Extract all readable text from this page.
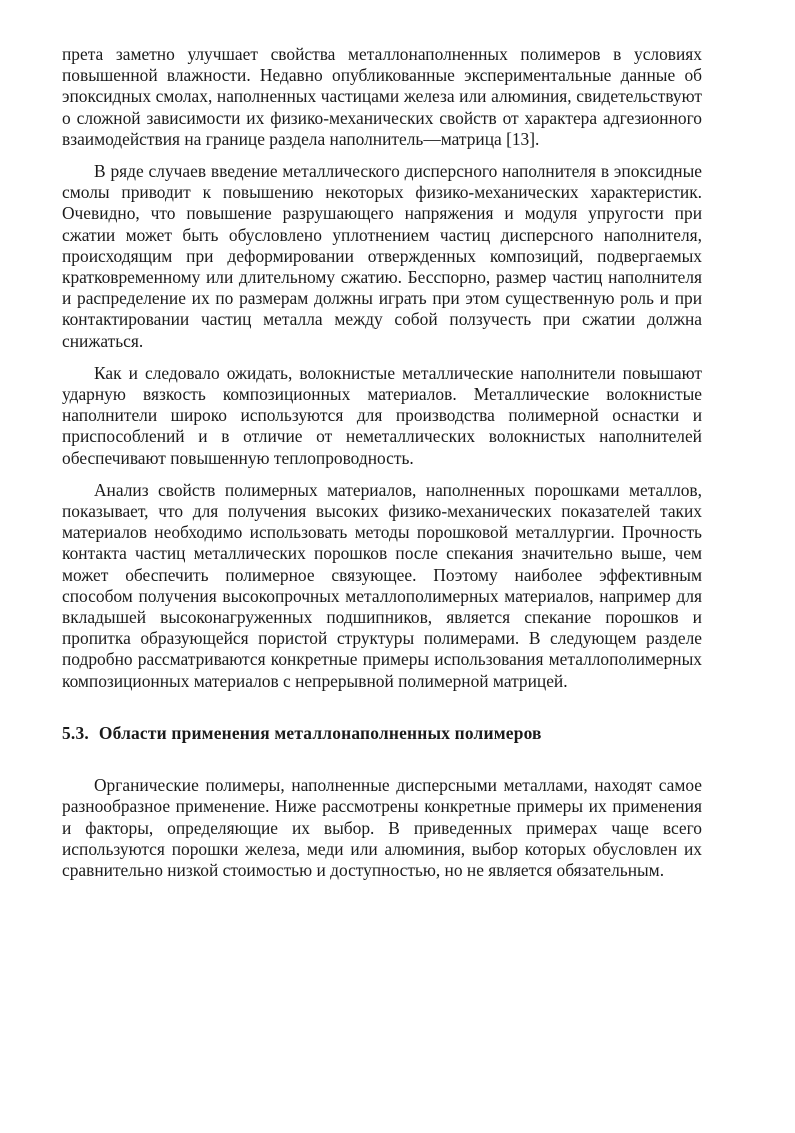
прета заметно улучшает свойства металлонаполненных полимеров в условиях повышенной влажности. Недавно опубликованные экспериментальные данные об эпоксидных смолах, наполненных частицами железа или алюминия, свидетельствуют о сложной зависимости их физико-механических свойств от характера адгезионного взаимодействия на границе раздела наполнитель—матрица [13].

В ряде случаев введение металлического дисперсного наполнителя в эпоксидные смолы приводит к повышению некоторых физико-механических характеристик. Очевидно, что повышение разрушающего напряжения и модуля упругости при сжатии может быть обусловлено уплотнением частиц дисперсного наполнителя, происходящим при деформировании отвержденных композиций, подвергаемых кратковременному или длительному сжатию. Бесспорно, размер частиц наполнителя и распределение их по размерам должны играть при этом существенную роль и при контактировании частиц металла между собой ползучесть при сжатии должна снижаться.

Как и следовало ожидать, волокнистые металлические наполнители повышают ударную вязкость композиционных материалов. Металлические волокнистые наполнители широко используются для производства полимерной оснастки и приспособлений и в отличие от неметаллических волокнистых наполнителей обеспечивают повышенную теплопроводность.

Анализ свойств полимерных материалов, наполненных порошками металлов, показывает, что для получения высоких физико-механических показателей таких материалов необходимо использовать методы порошковой металлургии. Прочность контакта частиц металлических порошков после спекания значительно выше, чем может обеспечить полимерное связующее. Поэтому наиболее эффективным способом получения высокопрочных металлополимерных материалов, например для вкладышей высоконагруженных подшипников, является спекание порошков и пропитка образующейся пористой структуры полимерами. В следующем разделе подробно рассматриваются конкретные примеры использования металлополимерных композиционных материалов с непрерывной полимерной матрицей.

5.3. Области применения металлонаполненных полимеров

Органические полимеры, наполненные дисперсными металлами, находят самое разнообразное применение. Ниже рассмотрены конкретные примеры их применения и факторы, определяющие их выбор. В приведенных примерах чаще всего используются порошки железа, меди или алюминия, выбор которых обусловлен их сравнительно низкой стоимостью и доступностью, но не является обязательным.
